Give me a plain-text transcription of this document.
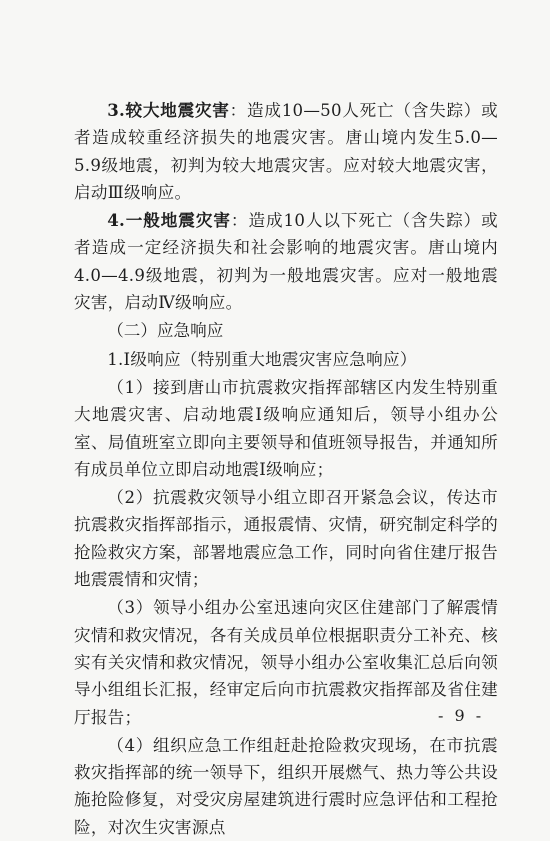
3.较大地震灾害：造成10—50人死亡（含失踪）或者造成较重经济损失的地震灾害。唐山境内发生5.0—5.9级地震，初判为较大地震灾害。应对较大地震灾害，启动Ⅲ级响应。

4.一般地震灾害：造成10人以下死亡（含失踪）或者造成一定经济损失和社会影响的地震灾害。唐山境内4.0—4.9级地震，初判为一般地震灾害。应对一般地震灾害，启动Ⅳ级响应。

（二）应急响应

1.Ⅰ级响应（特别重大地震灾害应急响应）

（1）接到唐山市抗震救灾指挥部辖区内发生特别重大地震灾害、启动地震Ⅰ级响应通知后，领导小组办公室、局值班室立即向主要领导和值班领导报告，并通知所有成员单位立即启动地震Ⅰ级响应；

（2）抗震救灾领导小组立即召开紧急会议，传达市抗震救灾指挥部指示，通报震情、灾情，研究制定科学的抢险救灾方案，部署地震应急工作，同时向省住建厅报告地震震情和灾情；

（3）领导小组办公室迅速向灾区住建部门了解震情灾情和救灾情况，各有关成员单位根据职责分工补充、核实有关灾情和救灾情况，领导小组办公室收集汇总后向领导小组组长汇报，经审定后向市抗震救灾指挥部及省住建厅报告；

（4）组织应急工作组赶赴抢险救灾现场，在市抗震救灾指挥部的统一领导下，组织开展燃气、热力等公共设施抢险修复，对受灾房屋建筑进行震时应急评估和工程抢险，对次生灾害源点

- 9 -
